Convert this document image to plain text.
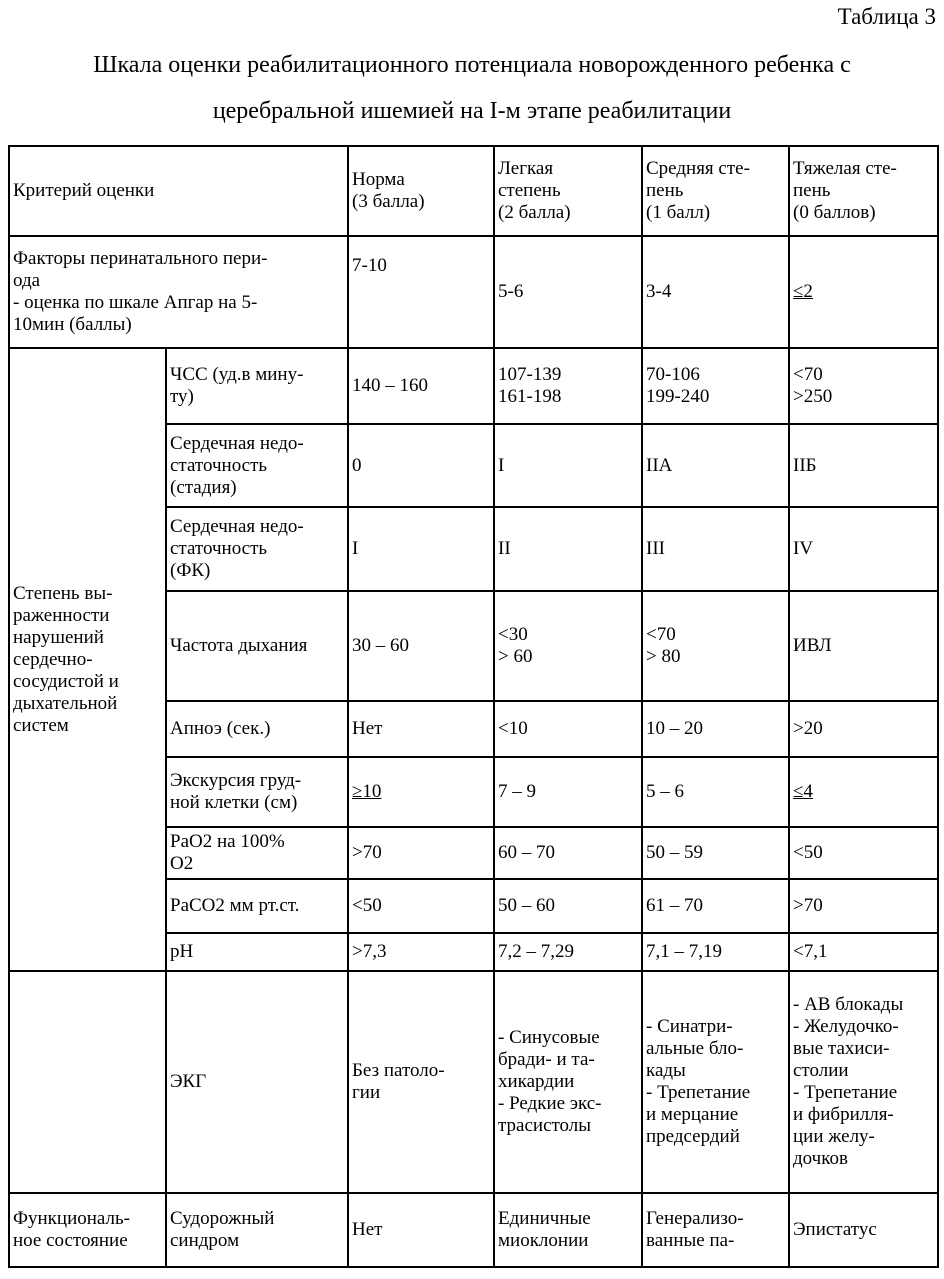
Таблица 3
Шкала оценки реабилитационного потенциала новорожденного ребенка с
церебральной ишемией на I-м этапе реабилитации
Критерий оценки	Норма
(3 балла)	Легкая
степень
(2 балла)	Средняя сте-
пень
(1 балл)	Тяжелая сте-
пень
(0 баллов)
Факторы перинатального пери-
ода
- оценка по шкале Апгар на 5-
10мин (баллы)	7-10	5-6	3-4	≤2
Степень вы-
раженности
нарушений
сердечно-
сосудистой и
дыхательной
систем	ЧСС (уд.в мину-
ту)	140 – 160	107-139
161-198	70-106
199-240	<70
>250
Сердечная недо-
статочность
(стадия)	0	I	IIА	IIБ
Сердечная недо-
статочность
(ФК)	I	II	III	IV
Частота дыхания	30 – 60	<30
> 60	<70
> 80	ИВЛ
Апноэ (сек.)	Нет	<10	10 – 20	>20
Экскурсия груд-
ной клетки (см)	≥10	7 – 9	5 – 6	≤4
РаО2 на 100%
О2	>70	60 – 70	50 – 59	<50
РаСО2 мм рт.ст.	<50	50 – 60	61 – 70	>70
pH	>7,3	7,2 – 7,29	7,1 – 7,19	<7,1
	ЭКГ	Без патоло-
гии	- Синусовые
бради- и та-
хикардии
- Редкие экс-
трасистолы	- Синатри-
альные бло-
кады
- Трепетание
и мерцание
предсердий	- АВ блокады
- Желудочко-
вые тахиси-
столии
- Трепетание
и фибрилля-
ции желу-
дочков
Функциональ-
ное состояние	Судорожный
синдром	Нет	Единичные
миоклонии	Генерализо-
ванные па-	Эпистатус
